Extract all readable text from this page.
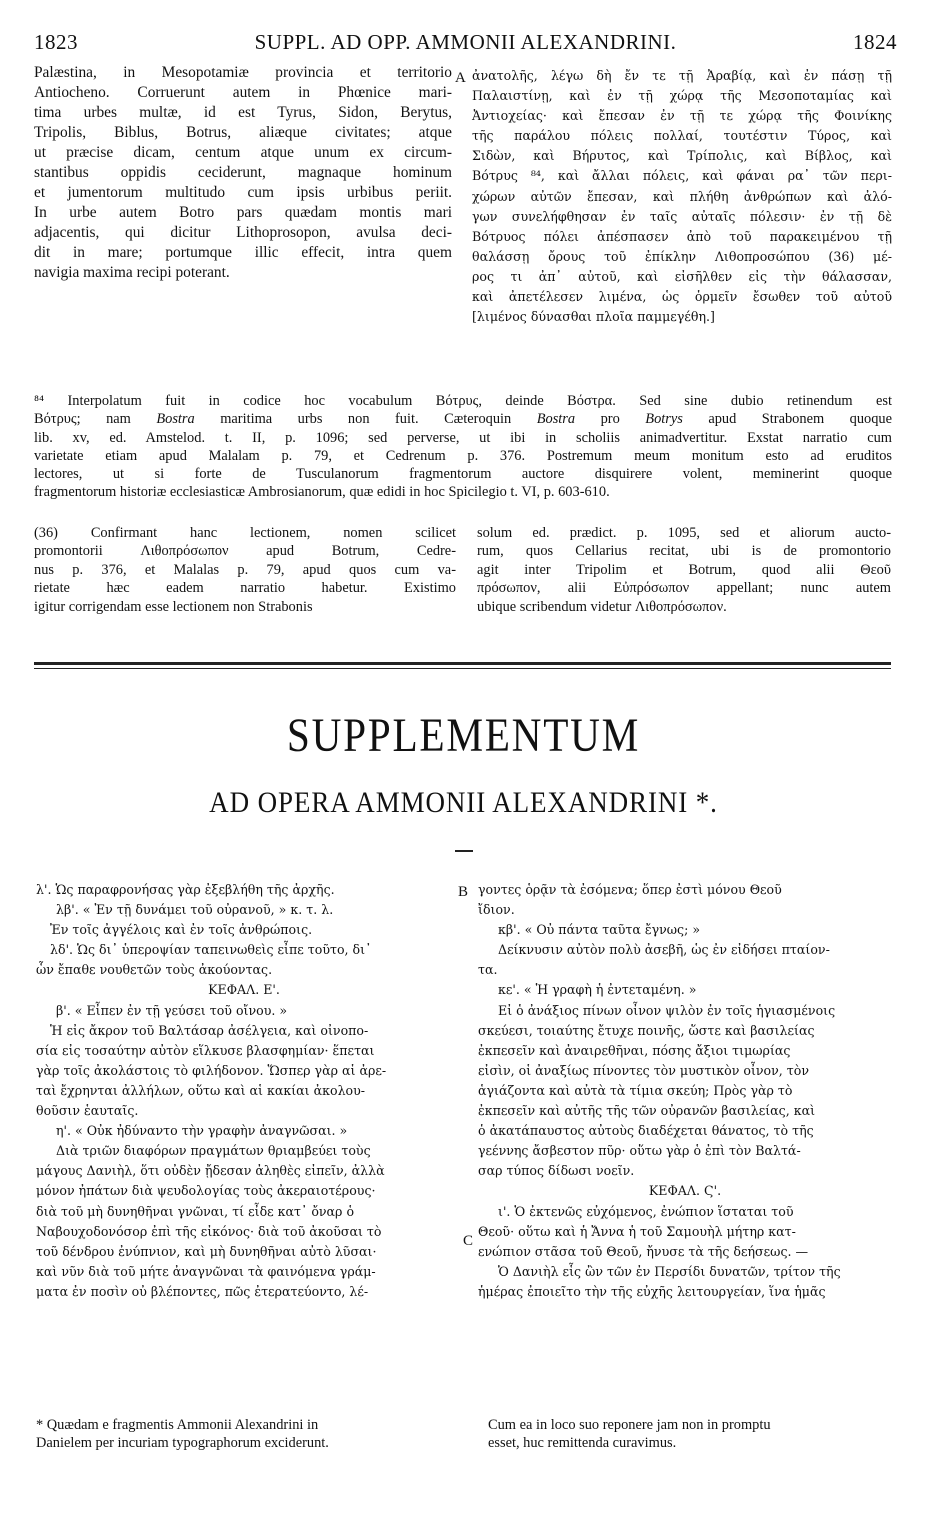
1823	SUPPL. AD OPP. AMMONII ALEXANDRINI.	1824
Palæstina, in Mesopotamiæ provincia et territorio
Antiocheno. Corruerunt autem in Phœnice mari-
tima urbes multæ, id est Tyrus, Sidon, Berytus,
Tripolis, Biblus, Botrus, aliæque civitates; atque
ut præcise dicam, centum atque unum ex circum-
stantibus oppidis ceciderunt, magnaque hominum
et jumentorum multitudo cum ipsis urbibus periit.
In urbe autem Botro pars quædam montis mari
adjacentis, qui dicitur Lithoprosopon, avulsa deci-
dit in mare; portumque illic effecit, intra quem
navigia maxima recipi poterant.
A ἀνατολῆς, λέγω δὴ ἔν τε τῇ Ἀραβίᾳ, καὶ ἐν πάσῃ τῇ
Παλαιστίνῃ, καὶ ἐν τῇ χώρᾳ τῆς Μεσοποταμίας καὶ
Ἀντιοχείας· καὶ ἔπεσαν ἐν τῇ τε χώρᾳ τῆς Φοινίκης
τῆς παράλου πόλεις πολλαί, τουτέστιν Τύρος, καὶ
Σιδὼν, καὶ Βήρυτος, καὶ Τρίπολις, καὶ Βίβλος, καὶ
Βότρυς ⁸⁴, καὶ ἄλλαι πόλεις, καὶ φάναι ρα᾽ τῶν περι-
χώρων αὐτῶν ἔπεσαν, καὶ πλήθη ἀνθρώπων καὶ ἀλό-
γων συνελήφθησαν ἐν ταῖς αὐταῖς πόλεσιν· ἐν τῇ δὲ
Βότρυος πόλει ἀπέσπασεν ἀπὸ τοῦ παρακειμένου τῇ
θαλάσσῃ ὄρους τοῦ ἐπίκλην Λιθοπροσώπου (36) μέ-
ρος τι ἀπ᾽ αὐτοῦ, καὶ εἰσῆλθεν εἰς τὴν θάλασσαν,
καὶ ἀπετέλεσεν λιμένα, ὡς ὁρμεῖν ἔσωθεν τοῦ αὐτοῦ
[λιμένος δύνασθαι πλοῖα παμμεγέθη.]
⁸⁴ Interpolatum fuit in codice hoc vocabulum Βότρυς, deinde Βόστρα. Sed sine dubio retinendum est
Βότρυς; nam Bostra maritima urbs non fuit. Cæteroquin Bostra pro Botrys apud Strabonem quoque
lib. xv, ed. Amstelod. t. II, p. 1096; sed perverse, ut ibi in scholiis animadvertitur. Exstat narratio cum
varietate etiam apud Malalam p. 79, et Cedrenum p. 376. Postremum meum monitum esto ad eruditos
lectores, ut si forte de Tusculanorum fragmentorum auctore disquirere volent, meminerint quoque
fragmentorum historiæ ecclesiasticæ Ambrosianorum, quæ edidi in hoc Spicilegio t. VI, p. 603-610.
(36) Confirmant hanc lectionem, nomen scilicet
promontorii Λιθοπρόσωπον apud Botrum, Cedre-
nus p. 376, et Malalas p. 79, apud quos cum va-
rietate hæc eadem narratio habetur. Existimo
igitur corrigendam esse lectionem non Strabonis
solum ed. prædict. p. 1095, sed et aliorum aucto-
rum, quos Cellarius recitat, ubi is de promontorio
agit inter Tripolim et Botrum, quod alii Θεοῦ
πρόσωπον, alii Εὐπρόσωπον appellant; nunc autem
ubique scribendum videtur Λιθοπρόσωπον.
SUPPLEMENTUM
AD OPERA AMMONII ALEXANDRINI *.
λ'. Ὡς παραφρονήσας γὰρ ἐξεβλήθη τῆς ἀρχῆς.
λβ'. « Ἐν τῇ δυνάμει τοῦ οὐρανοῦ, » κ. τ. λ.
Ἐν τοῖς ἀγγέλοις καὶ ἐν τοῖς ἀνθρώποις.
λδ'. Ὡς δι᾽ ὑπεροψίαν ταπεινωθεὶς εἶπε τοῦτο, δι᾽
ὧν ἔπαθε νουθετῶν τοὺς ἀκούοντας.
ΚΕΦΑΛ. Ε'.
β'. « Εἶπεν ἐν τῇ γεύσει τοῦ οἴνου. »
Ἡ εἰς ἄκρον τοῦ Βαλτάσαρ ἀσέλγεια, καὶ οἰνοπο-
σία εἰς τοσαύτην αὐτὸν εἵλκυσε βλασφημίαν· ἕπεται
γὰρ τοῖς ἀκολάστοις τὸ φιλήδονον. Ὥσπερ γὰρ αἱ ἀρε-
ταὶ ἔχρηνται ἀλλήλων, οὕτω καὶ αἱ κακίαι ἀκολου-
θοῦσιν ἑαυταῖς.
η'. « Οὐκ ἠδύναντο τὴν γραφὴν ἀναγνῶσαι. »
Διὰ τριῶν διαφόρων πραγμάτων θριαμβεύει τοὺς
μάγους Δανιὴλ, ὅτι οὐδὲν ᾔδεσαν ἀληθὲς εἰπεῖν, ἀλλὰ
μόνον ἠπάτων διὰ ψευδολογίας τοὺς ἀκεραιοτέρους·
διὰ τοῦ μὴ δυνηθῆναι γνῶναι, τί εἶδε κατ᾽ ὄναρ ὁ
Ναβουχοδονόσορ ἐπὶ τῆς εἰκόνος· διὰ τοῦ ἀκοῦσαι τὸ
τοῦ δένδρου ἐνύπνιον, καὶ μὴ δυνηθῆναι αὐτὸ λῦσαι·
καὶ νῦν διὰ τοῦ μήτε ἀναγνῶναι τὰ φαινόμενα γράμ-
ματα ἐν ποσὶν οὐ βλέποντες, πῶς ἐτερατεύοντο, λέ-
B
C
γοντες ὁρᾷν τὰ ἐσόμενα; ὅπερ ἐστὶ μόνου Θεοῦ
ἴδιον.
κβ'. « Οὐ πάντα ταῦτα ἔγνως; »
Δείκνυσιν αὐτὸν πολὺ ἀσεβῆ, ὡς ἐν εἰδήσει πταίον-
τα.
κε'. « Ἡ γραφὴ ἡ ἐντεταμένη. »
Εἰ ὁ ἀνάξιος πίνων οἶνον ψιλὸν ἐν τοῖς ἡγιασμένοις
σκεύεσι, τοιαύτης ἔτυχε ποινῆς, ὥστε καὶ βασιλείας
ἐκπεσεῖν καὶ ἀναιρεθῆναι, πόσης ἄξιοι τιμωρίας
εἰσὶν, οἱ ἀναξίως πίνοντες τὸν μυστικὸν οἶνον, τὸν
ἁγιάζοντα καὶ αὐτὰ τὰ τίμια σκεύη; Πρὸς γὰρ τὸ
ἐκπεσεῖν καὶ αὐτῆς τῆς τῶν οὐρανῶν βασιλείας, καὶ
ὁ ἀκατάπαυστος αὐτοὺς διαδέχεται θάνατος, τὸ τῆς
γεέννης ἄσβεστον πῦρ· οὕτω γὰρ ὁ ἐπὶ τὸν Βαλτά-
σαρ τύπος δίδωσι νοεῖν.
ΚΕΦΑΛ. Ϛ'.
ι'. Ὁ ἐκτενῶς εὐχόμενος, ἐνώπιον ἵσταται τοῦ
Θεοῦ· οὕτω καὶ ἡ Ἄννα ἡ τοῦ Σαμουὴλ μήτηρ κατ-
ενώπιον στᾶσα τοῦ Θεοῦ, ἤνυσε τὰ τῆς δεήσεως. —
Ὁ Δανιὴλ εἷς ὢν τῶν ἐν Περσίδι δυνατῶν, τρίτον τῆς
ἡμέρας ἐποιεῖτο τὴν τῆς εὐχῆς λειτουργείαν, ἵνα ἡμᾶς
* Quædam e fragmentis Ammonii Alexandrini in
Danielem per incuriam typographorum exciderunt.
Cum ea in loco suo reponere jam non in promptu
esset, huc remittenda curavimus.
